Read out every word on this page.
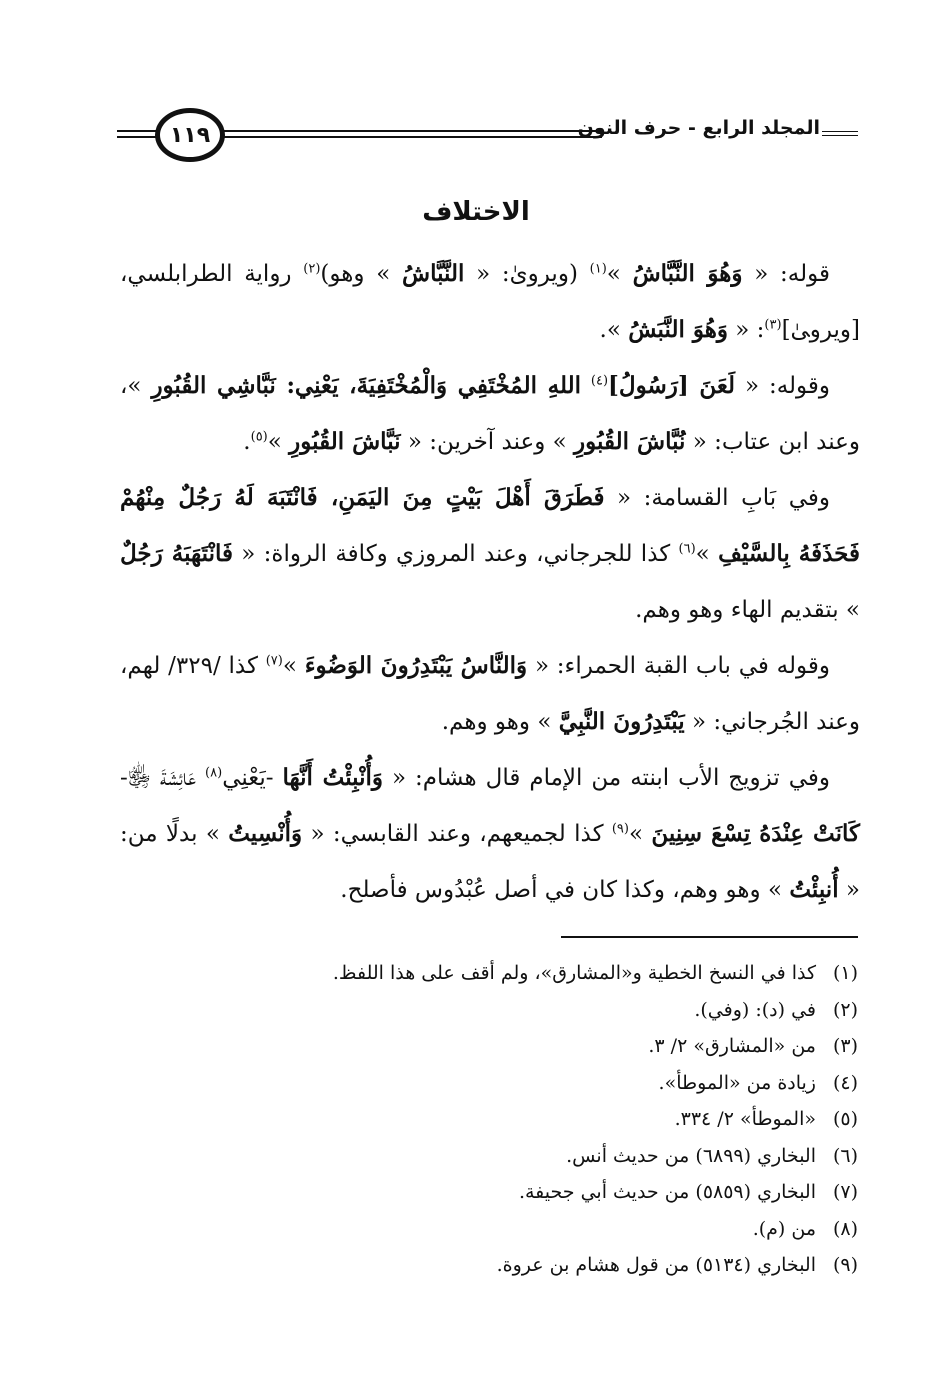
١١٩	المجلد الرابع - حرف النون
الاختلاف

قوله: « وَهُوَ النَّبَّاشُ »$^{(١)}$ (ويروىٰ: « النَّبَّاشُ » وهو)$^{(٢)}$ رواية الطرابلسي، [ويرو‍ىٰ]$^{(٣)}$: « وَهُوَ النَّبَشُ ».

وقوله: « لَعَنَ [رَسُولُ]$^{(٤)}$ اللهِ المُخْتَفِي وَالْمُخْتَفِيَةَ، يَعْنِي: نَبَّاشِي القُبُورِ »، وعند ابن عتاب: « نُبَّاشَ القُبُورِ » وعند آخرين: « نَبَّاشَ القُبُورِ »$^{(٥)}$.

وفي بَابِ القسامة: « فَطَرَقَ أَهْلَ بَيْتٍ مِنَ اليَمَنِ، فَانْتَبَهَ لَهُ رَجُلٌ مِنْهُمْ فَحَذَفَهُ بِالسَّيْفِ »$^{(٦)}$ كذا للجرجاني، وعند المروزي وكافة الرواة: « فَانْتَهَبَهُ رَجُلٌ » بتقديم الهاء وهو وهم.

وقوله في باب القبة الحمراء: « وَالنَّاسُ يَبْتَدِرُونَ الوَضُوءَ »$^{(٧)}$ كذا /٣٢٩/ لهم، وعند الجُرجاني: « يَبْتَدِرُونَ النَّبِيَّ » وهو وهم.

وفي تزويج الأب ابنته من الإمام قال هشام: « وَأُنْبِئْتُ أَنَّهَا -يَعْنِي$^{(٨)}$ عَائِشَةَ ﵂- كَانَتْ عِنْدَهُ تِسْعَ سِنِينَ »$^{(٩)}$ كذا لجميعهم، وعند القابسي: « وَأُنْسِيتُ » بدلًا من: « أُنبِئْتُ » وهو وهم، وكذا كان في أصل عُبْدُوس فأصلح.

(١)كذا في النسخ الخطية و«المشارق»، ولم أقف على هذا اللفظ.
(٢)في (د): (وفي).
(٣)من «المشارق» ٢/ ٣.
(٤)زيادة من «الموطأ».
(٥)«الموطأ» ٢/ ٣٣٤.
(٦)البخاري (٦٨٩٩) من حديث أنس.
(٧)البخاري (٥٨٥٩) من حديث أبي جحيفة.
(٨)من (م).
(٩)البخاري (٥١٣٤) من قول هشام بن عروة.
